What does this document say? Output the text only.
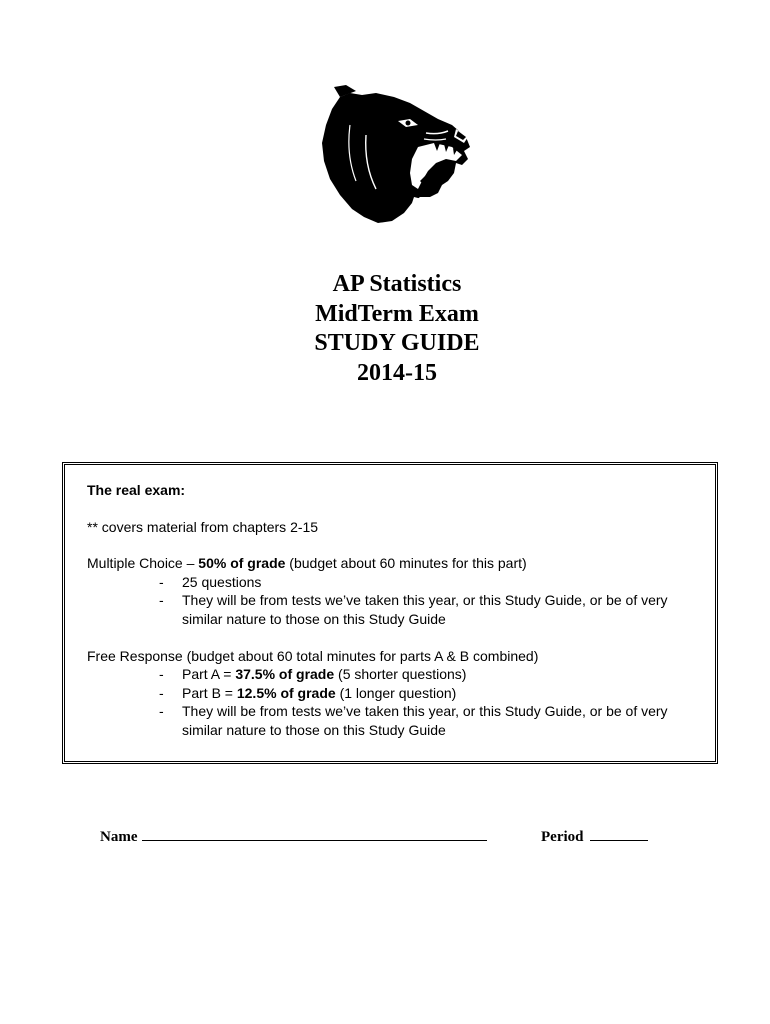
AP Statistics
MidTerm Exam
STUDY GUIDE
2014-15
The real exam:
** covers material from chapters 2-15
Multiple Choice – 50% of grade (budget about 60 minutes for this part)
- 25 questions
- They will be from tests we’ve taken this year, or this Study Guide, or be of very
similar nature to those on this Study Guide
Free Response (budget about 60 total minutes for parts A & B combined)
- Part A = 37.5% of grade (5 shorter questions)
- Part B = 12.5% of grade (1 longer question)
- They will be from tests we’ve taken this year, or this Study Guide, or be of very
similar nature to those on this Study Guide
Name	Period
